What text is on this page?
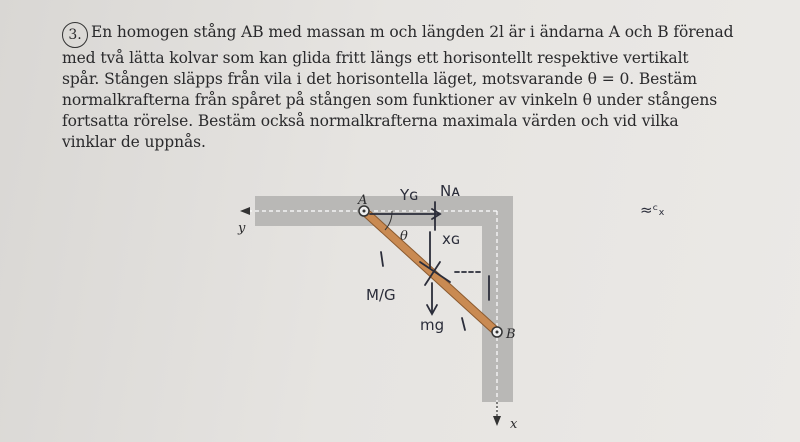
3. En homogen stång AB med massan m och längden 2l är i ändarna A och B förenad
med två lätta kolvar som kan glida fritt längs ett horisontellt respektive vertikalt
spår. Stången släpps från vila i det horisontella läget, motsvarande θ = 0. Bestäm
normalkrafterna från spåret på stången som funktioner av vinkeln θ under stångens
fortsatta rörelse. Bestäm också normalkrafterna maximala värden och vid vilka
vinklar de uppnås.
y
x
A
B
θ
Yɢ Nᴀ
xɢ
M/G
mg
≈ᶜₓ
